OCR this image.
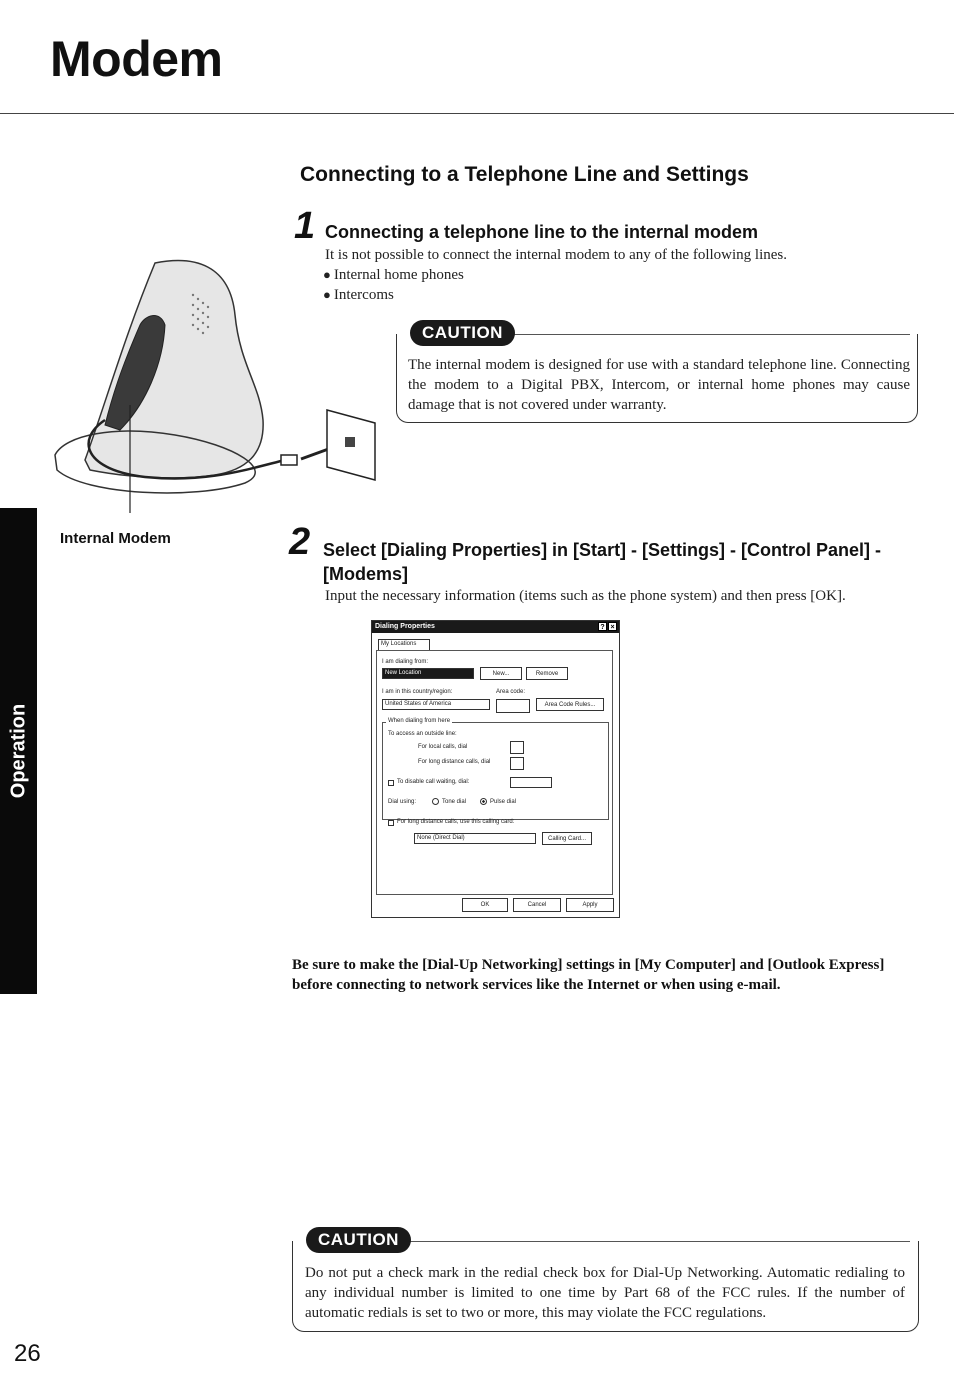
Modem
Connecting to a Telephone Line and Settings
Internal Modem
1 Connecting a telephone line to the internal modem
It is not possible to connect the internal modem to any of the following lines.
● Internal home phones
● Intercoms
CAUTION
The internal modem is designed for use with a standard telephone line. Connecting the modem to a Digital PBX, Intercom, or internal home phones may cause damage that is not covered under warranty.
Operation
2 Select [Dialing Properties] in [Start] - [Settings] - [Control Panel] - [Modems]
Input the necessary information (items such as the phone system) and then press [OK].
Dialing Properties	? ×
My Locations
I am dialing from:
New Location	New...	Remove
I am in this country/region:	Area code:
United States of America	Area Code Rules...
When dialing from here
To access an outside line:
For local calls, dial
For long distance calls, dial
To disable call waiting, dial:
Dial using:	Tone dial	Pulse dial
For long distance calls, use this calling card:
None (Direct Dial)	Calling Card...
OK	Cancel	Apply
Be sure to make the [Dial-Up Networking] settings in [My Computer] and [Outlook Express] before connecting to network services like the Internet or when using e-mail.
CAUTION
Do not put a check mark in the redial check box for Dial-Up Networking. Automatic redialing to any individual number is limited to one time by Part 68 of the FCC rules. If the number of automatic redials is set to two or more, this may violate the FCC regulations.
26
